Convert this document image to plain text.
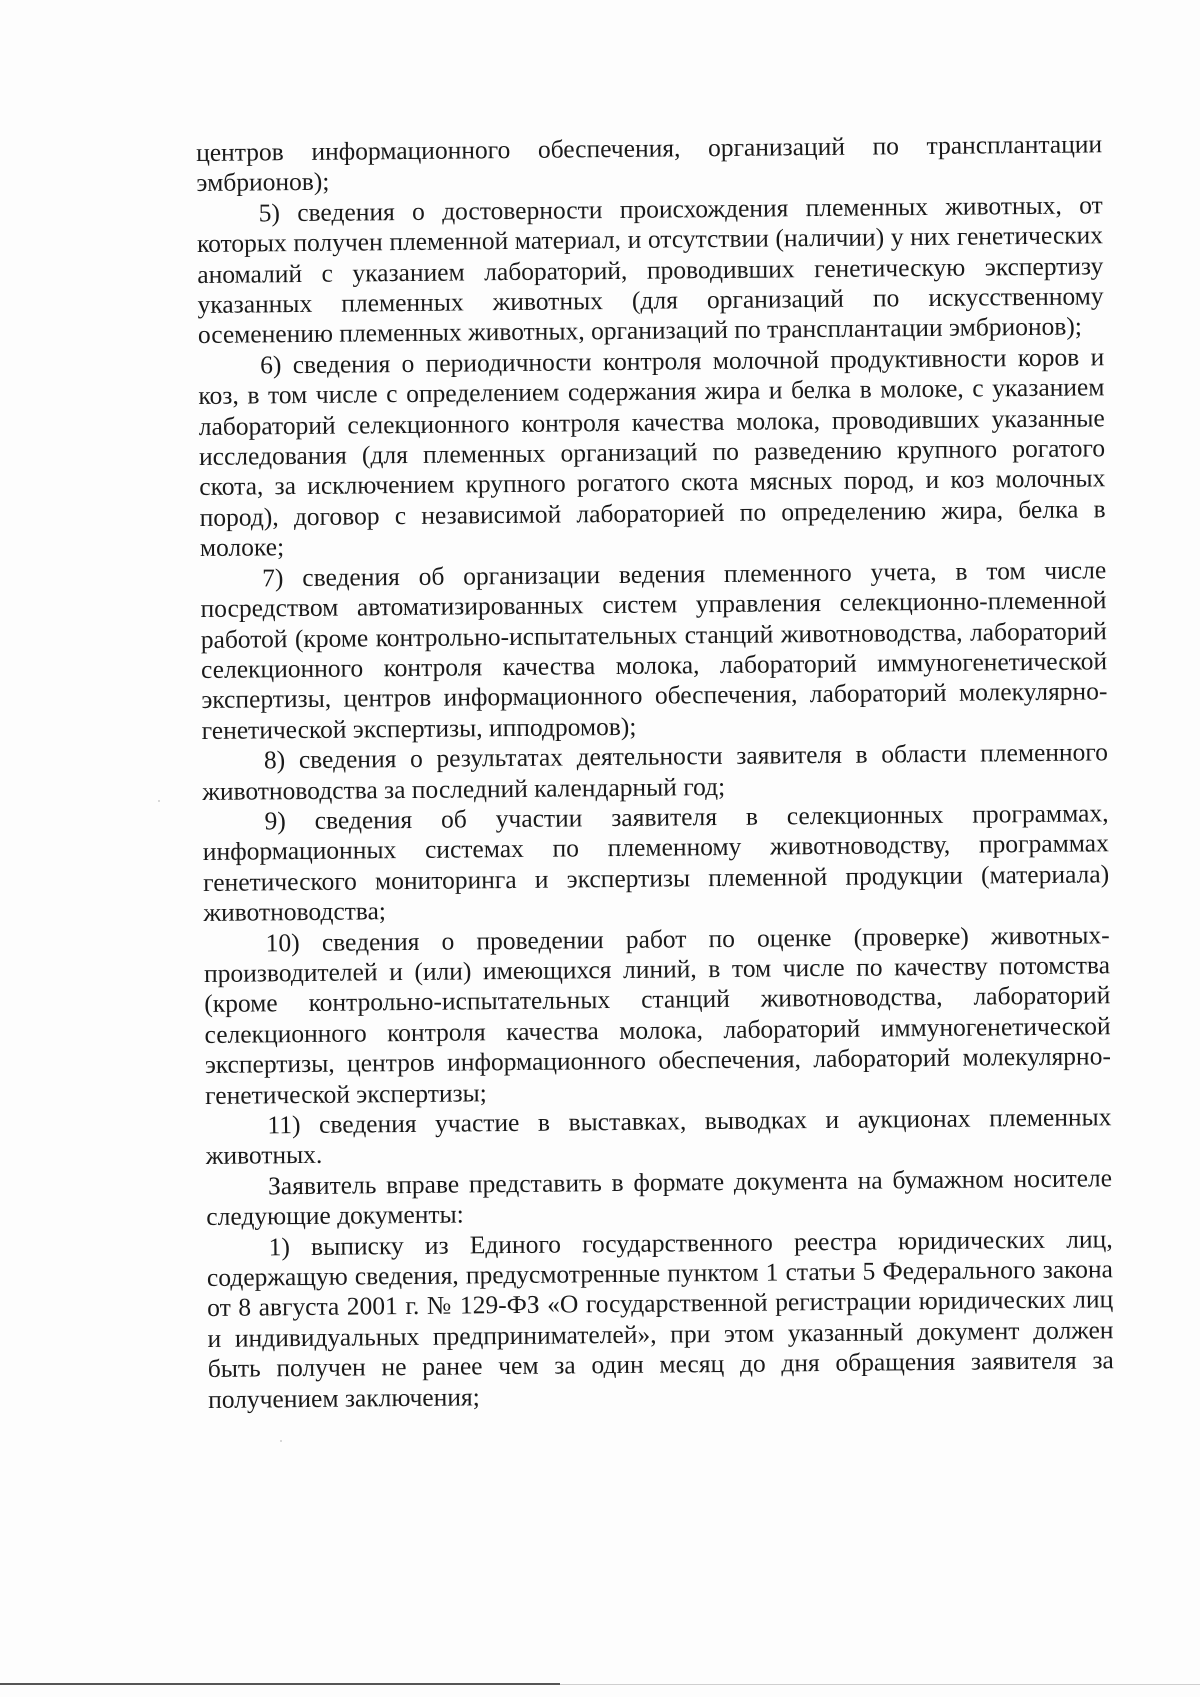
центров информационного обеспечения, организаций по трансплантации эмбрионов);

5) сведения о достоверности происхождения племенных животных, от которых получен племенной материал, и отсутствии (наличии) у них генетических аномалий с указанием лабораторий, проводивших генетическую экспертизу указанных племенных животных (для организаций по искусственному осеменению племенных животных, организаций по трансплантации эмбрионов);

6) сведения о периодичности контроля молочной продуктивности коров и коз, в том числе с определением содержания жира и белка в молоке, с указанием лабораторий селекционного контроля качества молока, проводивших указанные исследования (для племенных организаций по разведению крупного рогатого скота, за исключением крупного рогатого скота мясных пород, и коз молочных пород), договор с независимой лабораторией по определению жира, белка в молоке;

7) сведения об организации ведения племенного учета, в том числе посредством автоматизированных систем управления селекционно-племенной работой (кроме контрольно-испытательных станций животноводства, лабораторий селекционного контроля качества молока, лабораторий иммуногенетической экспертизы, центров информационного обеспечения, лабораторий молекулярно-генетической экспертизы, ипподромов);

8) сведения о результатах деятельности заявителя в области племенного животноводства за последний календарный год;

9) сведения об участии заявителя в селекционных программах, информационных системах по племенному животноводству, программах генетического мониторинга и экспертизы племенной продукции (материала) животноводства;

10) сведения о проведении работ по оценке (проверке) животных-производителей и (или) имеющихся линий, в том числе по качеству потомства (кроме контрольно-испытательных станций животноводства, лабораторий селекционного контроля качества молока, лабораторий иммуногенетической экспертизы, центров информационного обеспечения, лабораторий молекулярно-генетической экспертизы;

11) сведения участие в выставках, выводках и аукционах племенных животных.

Заявитель вправе представить в формате документа на бумажном носителе следующие документы:

1) выписку из Единого государственного реестра юридических лиц, содержащую сведения, предусмотренные пунктом 1 статьи 5 Федерального закона от 8 августа 2001 г. № 129-ФЗ «О государственной регистрации юридических лиц и индивидуальных предпринимателей», при этом указанный документ должен быть получен не ранее чем за один месяц до дня обращения заявителя за получением заключения;
